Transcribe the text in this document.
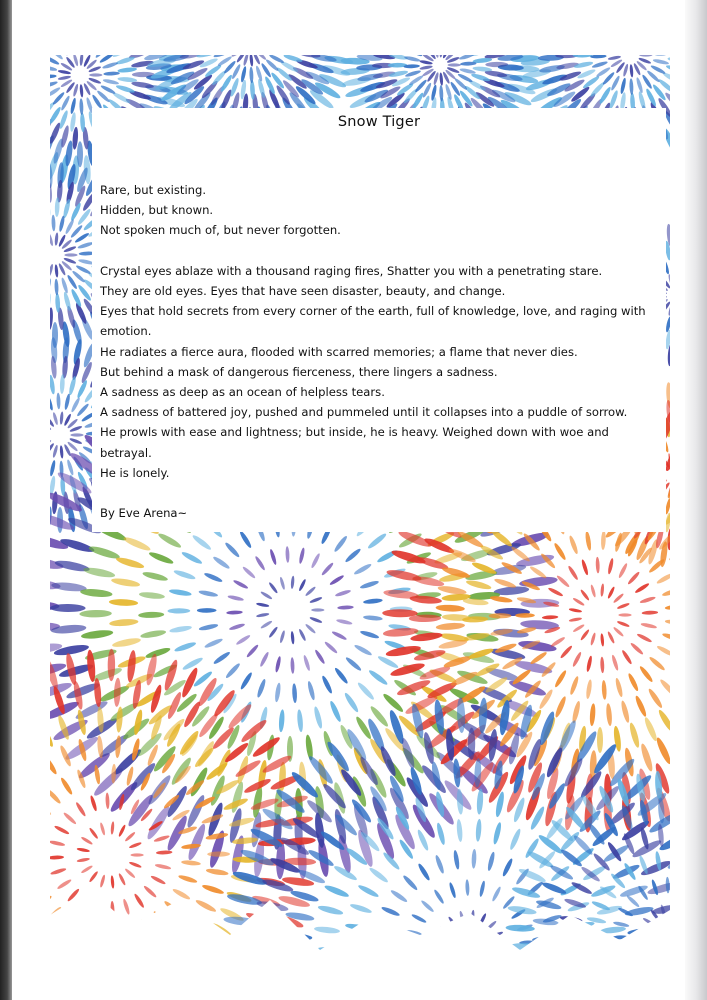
Snow Tiger
Rare, but existing.
Hidden, but known.
Not spoken much of, but never forgotten.
Crystal eyes ablaze with a thousand raging fires, Shatter you with a penetrating stare.
They are old eyes. Eyes that have seen disaster, beauty, and change.
Eyes that hold secrets from every corner of the earth, full of knowledge, love, and raging with emotion.
He radiates a fierce aura, flooded with scarred memories; a flame that never dies.
But behind a mask of dangerous fierceness, there lingers a sadness.
A sadness as deep as an ocean of helpless tears.
A sadness of battered joy, pushed and pummeled until it collapses into a puddle of sorrow.
He prowls with ease and lightness; but inside, he is heavy. Weighed down with woe and betrayal.
He is lonely.
By Eve Arena~
